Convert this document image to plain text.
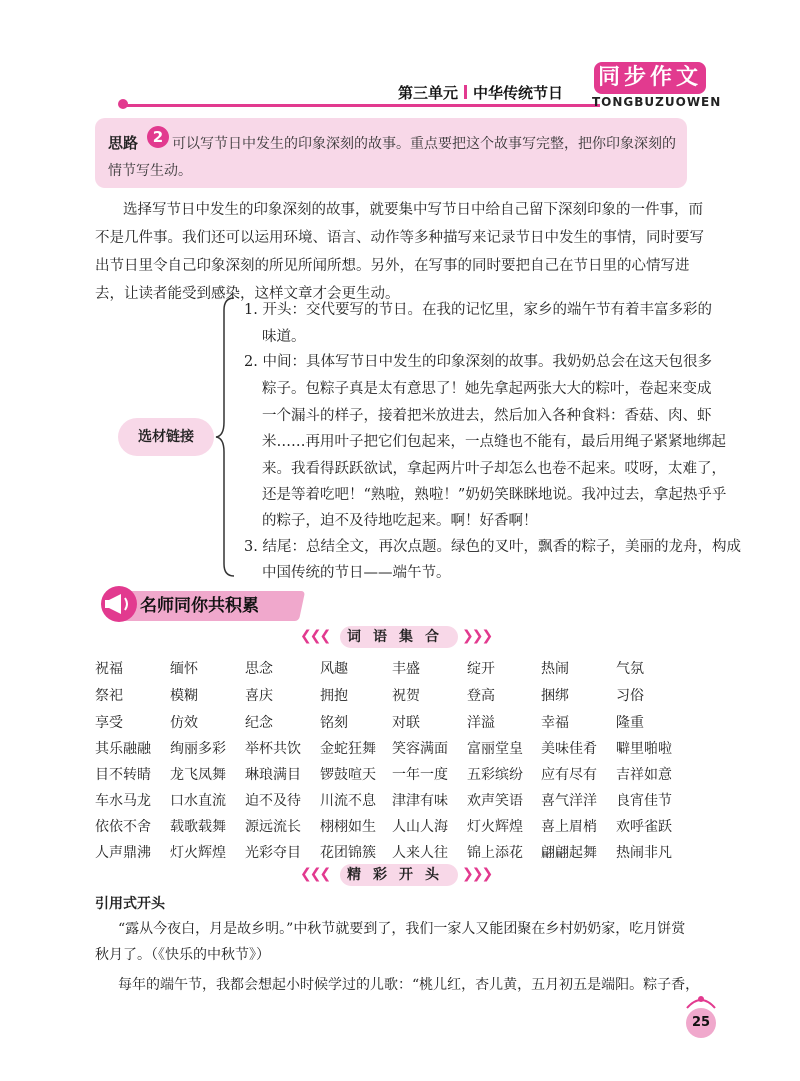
第三单元 中华传统节日
同步作文
TONGBUZUOWEN
可以写节日中发生的印象深刻的故事。重点要把这个故事写完整，把你印象深刻的情节写生动。
思路 2
选择写节日中发生的印象深刻的故事，就要集中写节日中给自己留下深刻印象的一件事，而
不是几件事。我们还可以运用环境、语言、动作等多种描写来记录节日中发生的事情，同时要写
出节日里令自己印象深刻的所见所闻所想。另外，在写事的同时要把自己在节日里的心情写进
去，让读者能受到感染，这样文章才会更生动。
选材链接
1. 开头：交代要写的节日。在我的记忆里，家乡的端午节有着丰富多彩的
味道。
2. 中间：具体写节日中发生的印象深刻的故事。我奶奶总会在这天包很多
粽子。包粽子真是太有意思了！她先拿起两张大大的粽叶，卷起来变成
一个漏斗的样子，接着把米放进去，然后加入各种食料：香菇、肉、虾
米……再用叶子把它们包起来，一点缝也不能有，最后用绳子紧紧地绑起
来。我看得跃跃欲试，拿起两片叶子却怎么也卷不起来。哎呀，太难了，
还是等着吃吧！“熟啦，熟啦！”奶奶笑眯眯地说。我冲过去，拿起热乎乎
的粽子，迫不及待地吃起来。啊！好香啊！
3. 结尾：总结全文，再次点题。绿色的叉叶，飘香的粽子，美丽的龙舟，构成
中国传统的节日——端午节。
名师同你共积累
❮❮❮	词语集合 ❯❯❯
祝福	缅怀	思念	风趣	丰盛	绽开	热闹	气氛
祭祀	模糊	喜庆	拥抱	祝贺	登高	捆绑	习俗
享受	仿效	纪念	铭刻	对联	洋溢	幸福	隆重
其乐融融 绚丽多彩 举杯共饮 金蛇狂舞 笑容满面 富丽堂皇 美味佳肴 噼里啪啦
目不转睛 龙飞凤舞 琳琅满目 锣鼓喧天 一年一度 五彩缤纷 应有尽有 吉祥如意
车水马龙 口水直流 迫不及待 川流不息 津津有味 欢声笑语 喜气洋洋 良宵佳节
依依不舍 载歌载舞 源远流长 栩栩如生 人山人海 灯火辉煌 喜上眉梢 欢呼雀跃
人声鼎沸 灯火辉煌 光彩夺目 花团锦簇 人来人往 锦上添花 翩翩起舞 热闹非凡
❮❮❮	精彩开头 ❯❯❯
引用式开头
“露从今夜白，月是故乡明。”中秋节就要到了，我们一家人又能团聚在乡村奶奶家，吃月饼赏
秋月了。（《快乐的中秋节》）
每年的端午节，我都会想起小时候学过的儿歌：“桃儿红，杏儿黄，五月初五是端阳。粽子香，
25
